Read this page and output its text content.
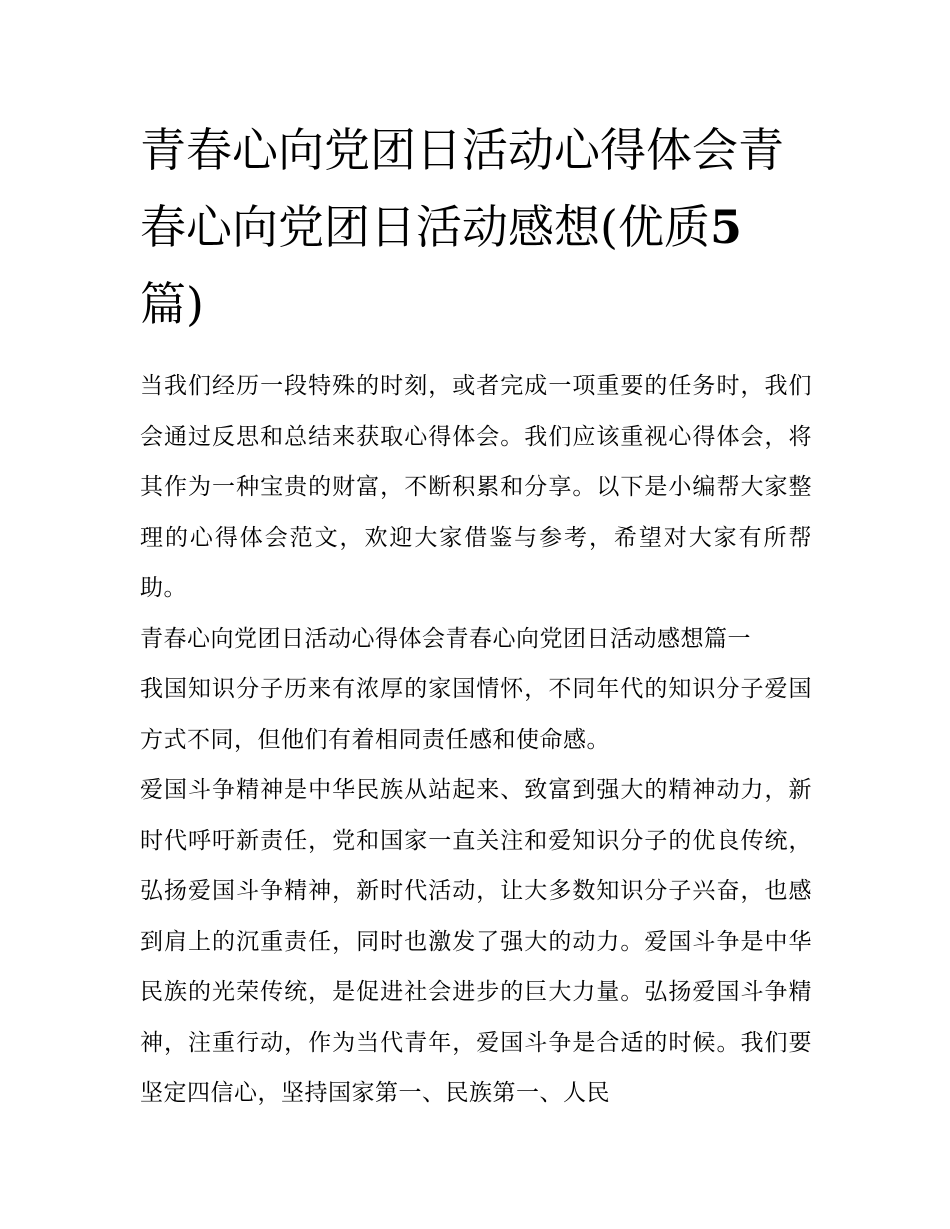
青春心向党团日活动心得体会青春心向党团日活动感想(优质5 篇)

当我们经历一段特殊的时刻，或者完成一项重要的任务时，我们会通过反思和总结来获取心得体会。我们应该重视心得体会，将其作为一种宝贵的财富，不断积累和分享。以下是小编帮大家整理的心得体会范文，欢迎大家借鉴与参考，希望对大家有所帮助。

青春心向党团日活动心得体会青春心向党团日活动感想篇一

我国知识分子历来有浓厚的家国情怀，不同年代的知识分子爱国方式不同，但他们有着相同责任感和使命感。

爱国斗争精神是中华民族从站起来、致富到强大的精神动力，新时代呼吁新责任，党和国家一直关注和爱知识分子的优良传统，弘扬爱国斗争精神，新时代活动，让大多数知识分子兴奋，也感到肩上的沉重责任，同时也激发了强大的动力。爱国斗争是中华民族的光荣传统，是促进社会进步的巨大力量。弘扬爱国斗争精神，注重行动，作为当代青年，爱国斗争是合适的时候。我们要坚定四信心，坚持国家第一、民族第一、人民
